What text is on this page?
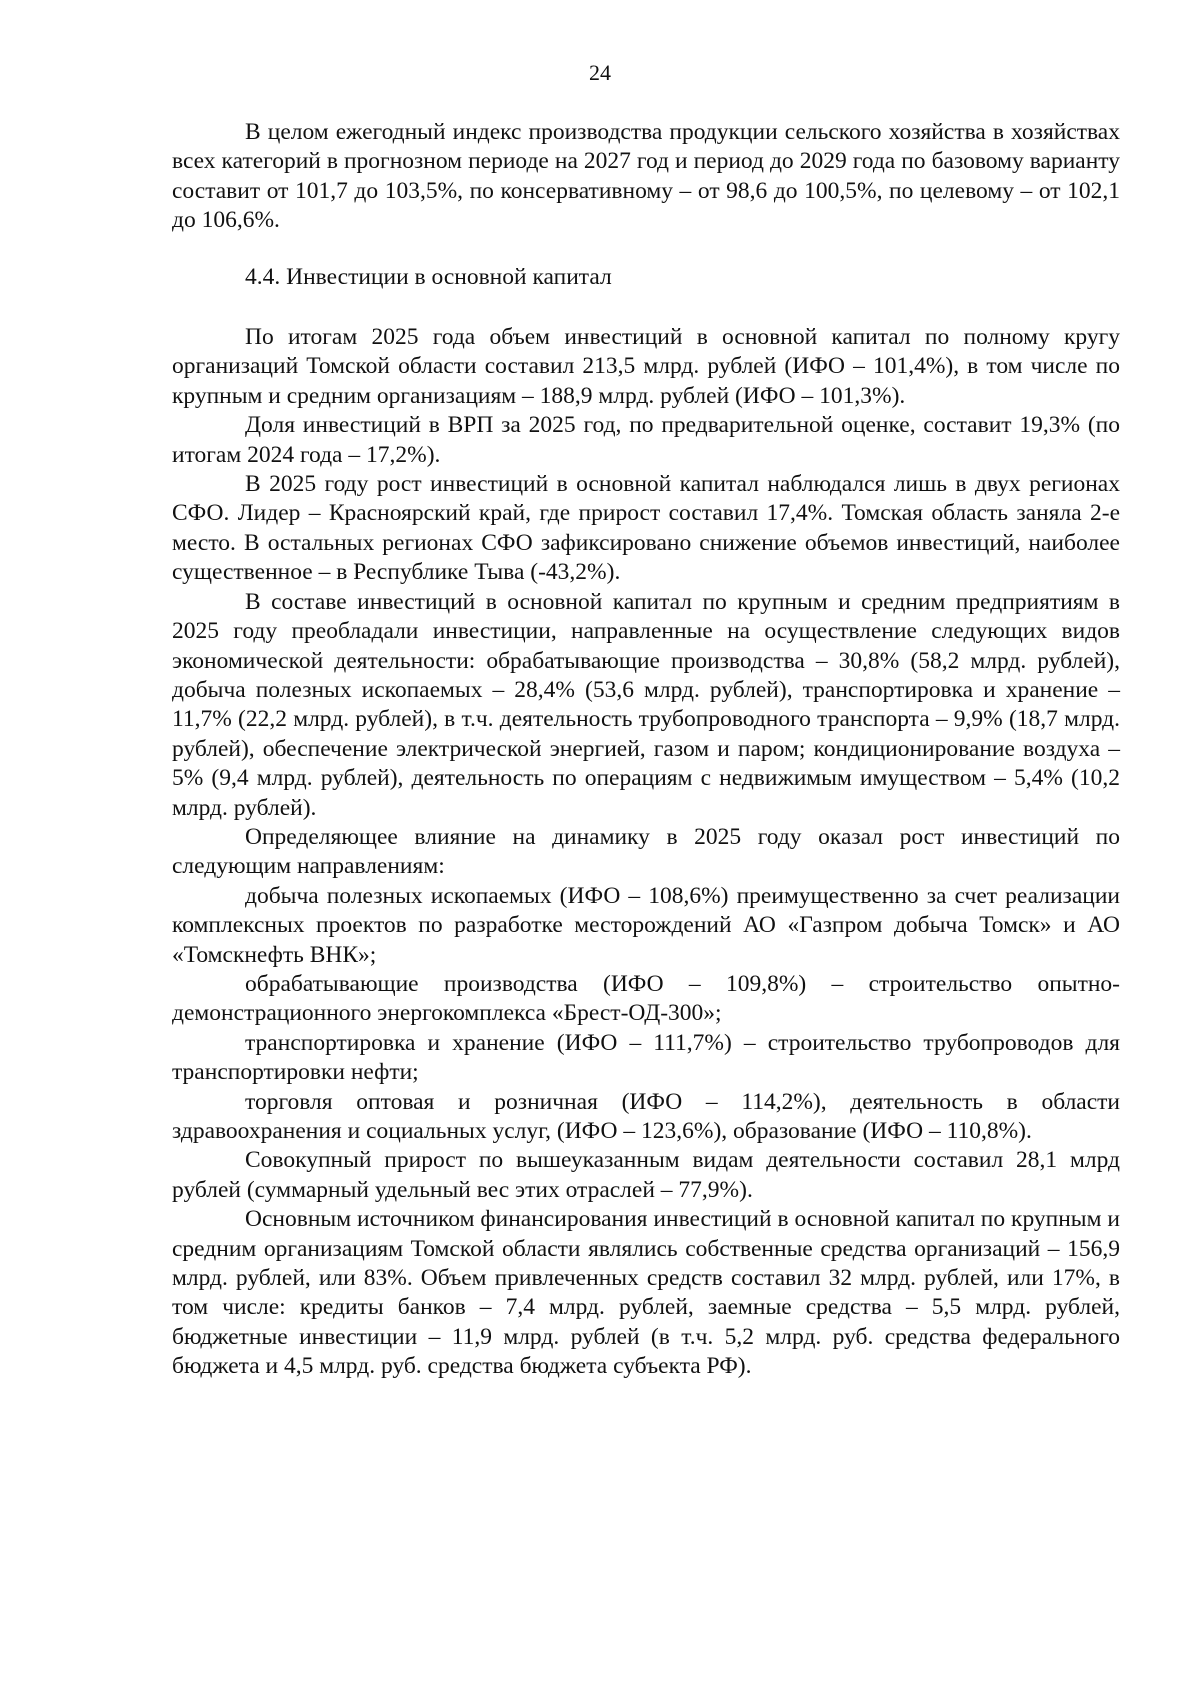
24

В целом ежегодный индекс производства продукции сельского хозяйства в хозяйствах всех категорий в прогнозном периоде на 2027 год и период до 2029 года по базовому варианту составит от 101,7 до 103,5%, по консервативному – от 98,6 до 100,5%, по целевому – от 102,1 до 106,6%.

4.4. Инвестиции в основной капитал

По итогам 2025 года объем инвестиций в основной капитал по полному кругу организаций Томской области составил 213,5 млрд. рублей (ИФО – 101,4%), в том числе по крупным и средним организациям – 188,9 млрд. рублей (ИФО – 101,3%).

Доля инвестиций в ВРП за 2025 год, по предварительной оценке, составит 19,3% (по итогам 2024 года – 17,2%).

В 2025 году рост инвестиций в основной капитал наблюдался лишь в двух регионах СФО. Лидер – Красноярский край, где прирост составил 17,4%. Томская область заняла 2-е место. В остальных регионах СФО зафиксировано снижение объемов инвестиций, наиболее существенное – в Республике Тыва (-43,2%).

В составе инвестиций в основной капитал по крупным и средним предприятиям в 2025 году преобладали инвестиции, направленные на осуществление следующих видов экономической деятельности: обрабатывающие производства – 30,8% (58,2 млрд. рублей), добыча полезных ископаемых – 28,4% (53,6 млрд. рублей), транспортировка и хранение – 11,7% (22,2 млрд. рублей), в т.ч. деятельность трубопроводного транспорта – 9,9% (18,7 млрд. рублей), обеспечение электрической энергией, газом и паром; кондиционирование воздуха – 5% (9,4 млрд. рублей), деятельность по операциям с недвижимым имуществом – 5,4% (10,2 млрд. рублей).

Определяющее влияние на динамику в 2025 году оказал рост инвестиций по следующим направлениям:

добыча полезных ископаемых (ИФО – 108,6%) преимущественно за счет реализации комплексных проектов по разработке месторождений АО «Газпром добыча Томск» и АО «Томскнефть ВНК»;

обрабатывающие производства (ИФО – 109,8%) – строительство опытно-демонстрационного энергокомплекса «Брест-ОД-300»;

транспортировка и хранение (ИФО – 111,7%) – строительство трубопроводов для транспортировки нефти;

торговля оптовая и розничная (ИФО – 114,2%), деятельность в области здравоохранения и социальных услуг, (ИФО – 123,6%), образование (ИФО – 110,8%).

Совокупный прирост по вышеуказанным видам деятельности составил 28,1 млрд рублей (суммарный удельный вес этих отраслей – 77,9%).

Основным источником финансирования инвестиций в основной капитал по крупным и средним организациям Томской области являлись собственные средства организаций – 156,9 млрд. рублей, или 83%. Объем привлеченных средств составил 32 млрд. рублей, или 17%, в том числе: кредиты банков – 7,4 млрд. рублей, заемные средства – 5,5 млрд. рублей, бюджетные инвестиции – 11,9 млрд. рублей (в т.ч. 5,2 млрд. руб. средства федерального бюджета и 4,5 млрд. руб. средства бюджета субъекта РФ).
